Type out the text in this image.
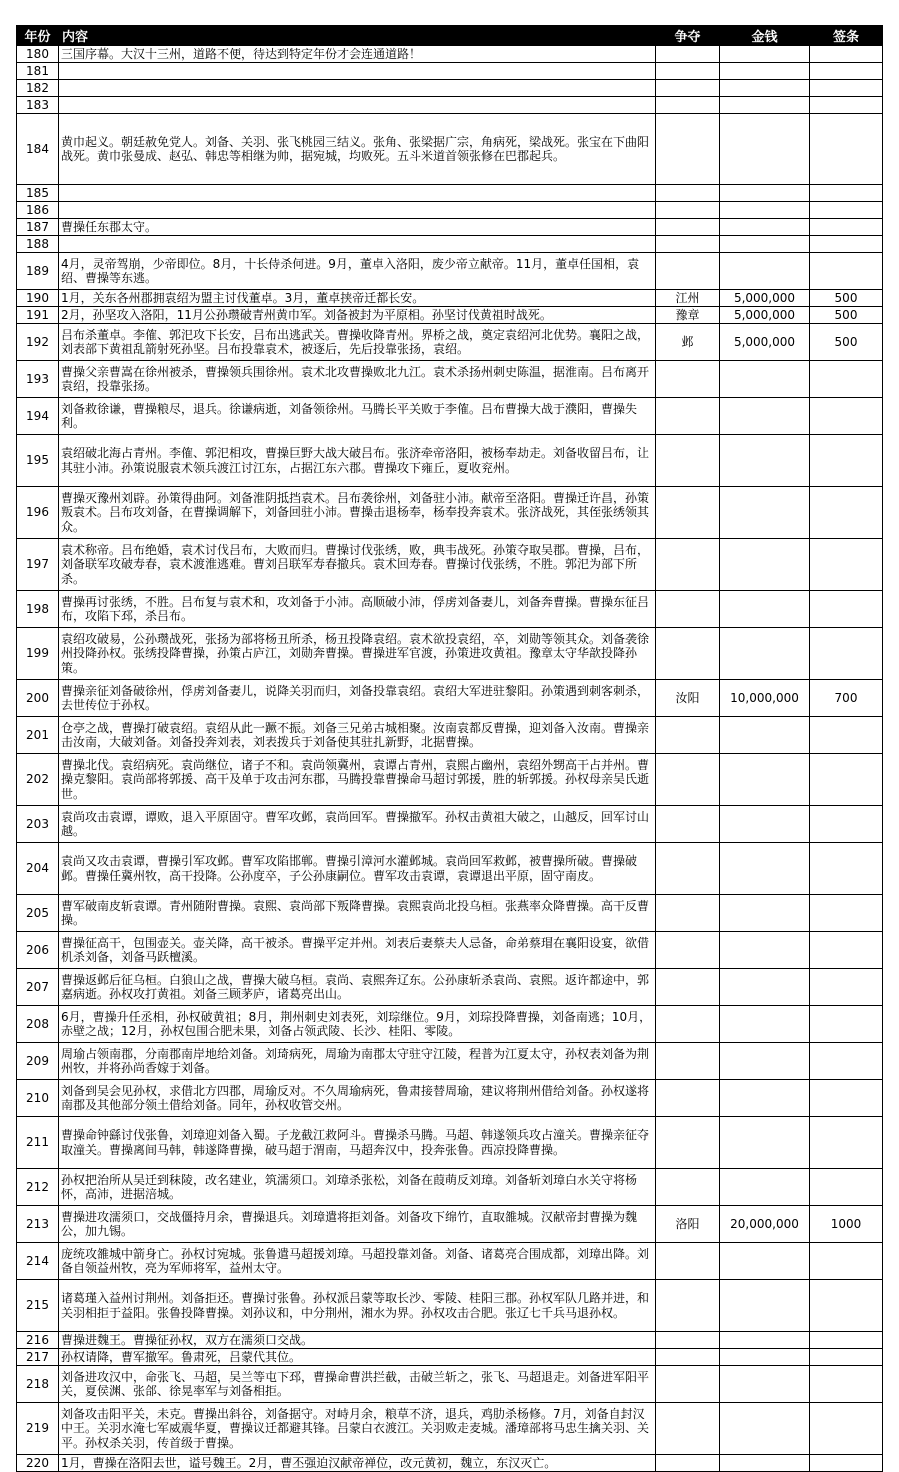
年份	内容	争夺	金钱	签条
180	三国序幕。大汉十三州，道路不便，待达到特定年份才会连通道路！			
181				
182				
183				
184	黄巾起义。朝廷赦免党人。刘备、关羽、张飞桃园三结义。张角、张梁据广宗，角病死，梁战死。张宝在下曲阳战死。黄巾张曼成、赵弘、韩忠等相继为帅，据宛城，均败死。五斗米道首领张修在巴郡起兵。			
185				
186				
187	曹操任东郡太守。			
188				
189	4月，灵帝驾崩，少帝即位。8月，十长侍杀何进。9月，董卓入洛阳，废少帝立献帝。11月，董卓任国相，袁绍、曹操等东逃。			
190	1月，关东各州郡拥袁绍为盟主讨伐董卓。3月，董卓挟帝迁都长安。	江州	5,000,000	500
191	2月，孙坚攻入洛阳，11月公孙瓒破青州黄巾军。刘备被封为平原相。孙坚讨伐黄祖时战死。	豫章	5,000,000	500
192	吕布杀董卓。李傕、郭汜攻下长安，吕布出逃武关。曹操收降青州。界桥之战，奠定袁绍河北优势。襄阳之战，刘表部下黄祖乱箭射死孙坚。吕布投靠袁术，被逐后，先后投靠张扬，袁绍。	邺	5,000,000	500
193	曹操父亲曹嵩在徐州被杀，曹操领兵围徐州。袁术北攻曹操败北九江。袁术杀扬州刺史陈温，据淮南。吕布离开袁绍，投靠张扬。			
194	刘备救徐谦，曹操粮尽，退兵。徐谦病逝，刘备领徐州。马腾长平关败于李傕。吕布曹操大战于濮阳，曹操失利。			
195	袁绍破北海占青州。李傕、郭汜相攻，曹操巨野大战大破吕布。张济牵帝洛阳，被杨奉劫走。刘备收留吕布，让其驻小沛。孙策说服袁术领兵渡江讨江东，占据江东六郡。曹操攻下雍丘，夏收兖州。			
196	曹操灭豫州刘辟。孙策得曲阿。刘备淮阴抵挡袁术。吕布袭徐州，刘备驻小沛。献帝至洛阳。曹操迁许昌，孙策叛袁术。吕布攻刘备，在曹操调解下，刘备回驻小沛。曹操击退杨奉，杨奉投奔袁术。张济战死，其侄张绣领其众。			
197	袁术称帝。吕布绝婚，袁术讨伐吕布，大败而归。曹操讨伐张绣，败，典韦战死。孙策夺取吴郡。曹操，吕布，刘备联军攻破寿春，袁术渡淮逃难。曹刘吕联军寿春撤兵。袁术回寿春。曹操讨伐张绣，不胜。郭汜为部下所杀。			
198	曹操再讨张绣，不胜。吕布复与袁术和，攻刘备于小沛。高顺破小沛，俘虏刘备妻儿，刘备奔曹操。曹操东征吕布，攻陷下邳，杀吕布。			
199	袁绍攻破易，公孙瓒战死，张扬为部将杨丑所杀，杨丑投降袁绍。袁术欲投袁绍，卒，刘勋等领其众。刘备袭徐州投降孙权。张绣投降曹操，孙策占庐江，刘勋奔曹操。曹操进军官渡，孙策进攻黄祖。豫章太守华歆投降孙策。			
200	曹操亲征刘备破徐州，俘虏刘备妻儿，说降关羽而归，刘备投靠袁绍。袁绍大军进驻黎阳。孙策遇到刺客刺杀，去世传位于孙权。	汝阳	10,000,000	700
201	仓亭之战，曹操打破袁绍。袁绍从此一蹶不振。刘备三兄弟古城相聚。汝南袁都反曹操，迎刘备入汝南。曹操亲击汝南，大破刘备。刘备投奔刘表，刘表拨兵于刘备使其驻扎新野，北据曹操。			
202	曹操北伐。袁绍病死。袁尚继位，诸子不和。袁尚领冀州，袁谭占青州，袁熙占幽州，袁绍外甥高干占并州。曹操克黎阳。袁尚部将郭援、高干及单于攻击河东郡，马腾投靠曹操命马超讨郭援，胜的斩郭援。孙权母亲吴氏逝世。			
203	袁尚攻击袁谭，谭败，退入平原固守。曹军攻邺，袁尚回军。曹操撤军。孙权击黄祖大破之，山越反，回军讨山越。			
204	袁尚又攻击袁谭，曹操引军攻邺。曹军攻陷邯郸。曹操引漳河水灌邺城。袁尚回军救邺，被曹操所破。曹操破邺。曹操任冀州牧，高干投降。公孙度卒，子公孙康嗣位。曹军攻击袁谭，袁谭退出平原，固守南皮。			
205	曹军破南皮斩袁谭。青州随附曹操。袁熙、袁尚部下叛降曹操。袁熙袁尚北投乌桓。张燕率众降曹操。高干反曹操。			
206	曹操征高干，包围壶关。壶关降，高干被杀。曹操平定并州。刘表后妻蔡夫人忌备，命弟蔡瑁在襄阳设宴，欲借机杀刘备，刘备马跃檀溪。			
207	曹操返邺后征乌桓。白狼山之战，曹操大破乌桓。袁尚、袁熙奔辽东。公孙康斩杀袁尚、袁熙。返许都途中，郭嘉病逝。孙权攻打黄祖。刘备三顾茅庐，诸葛亮出山。			
208	6月，曹操升任丞相，孙权破黄祖；8月，荆州刺史刘表死，刘琮继位。9月，刘琮投降曹操，刘备南逃；10月，赤壁之战；12月，孙权包围合肥未果，刘备占领武陵、长沙、桂阳、零陵。			
209	周瑜占领南郡，分南郡南岸地给刘备。刘琦病死，周瑜为南郡太守驻守江陵，程普为江夏太守，孙权表刘备为荆州牧，并将孙尚香嫁于刘备。			
210	刘备到吴会见孙权，求借北方四郡，周瑜反对。不久周瑜病死，鲁肃接替周瑜，建议将荆州借给刘备。孙权遂将南郡及其他部分领土借给刘备。同年，孙权收管交州。			
211	曹操命钟繇讨伐张鲁，刘璋迎刘备入蜀。子龙截江救阿斗。曹操杀马腾。马超、韩遂领兵攻占潼关。曹操亲征夺取潼关。曹操离间马韩，韩遂降曹操，破马超于渭南，马超奔汉中，投奔张鲁。西凉投降曹操。			
212	孙权把治所从吴迁到秣陵，改名建业，筑濡须口。刘璋杀张松，刘备在葭萌反刘璋。刘备斩刘璋白水关守将杨怀，高沛，进据涪城。			
213	曹操进攻濡须口，交战僵持月余，曹操退兵。刘璋遣将拒刘备。刘备攻下绵竹，直取雒城。汉献帝封曹操为魏公，加九锡。	洛阳	20,000,000	1000
214	庞统攻雒城中箭身亡。孙权讨宛城。张鲁遣马超援刘璋。马超投靠刘备。刘备、诸葛亮合围成都，刘璋出降。刘备自领益州牧，亮为军师将军，益州太守。			
215	诸葛瑾入益州讨荆州。刘备拒还。曹操讨张鲁。孙权派吕蒙等取长沙、零陵、桂阳三郡。孙权军队几路并进，和关羽相拒于益阳。张鲁投降曹操。刘孙议和，中分荆州，湘水为界。孙权攻击合肥。张辽七千兵马退孙权。			
216	曹操进魏王。曹操征孙权，双方在濡须口交战。			
217	孙权请降，曹军撤军。鲁肃死，吕蒙代其位。			
218	刘备进攻汉中，命张飞、马超，吴兰等屯下邳，曹操命曹洪拦截，击破兰斩之，张飞、马超退走。刘备进军阳平关，夏侯渊、张郃、徐晃率军与刘备相拒。			
219	刘备攻击阳平关，未克。曹操出斜谷，刘备据守。对峙月余，粮草不济，退兵，鸡肋杀杨修。7月，刘备自封汉中王。关羽水淹七军威震华夏，曹操议迁都避其锋。吕蒙白衣渡江。关羽败走麦城。潘璋部将马忠生擒关羽、关平。孙权杀关羽，传首级于曹操。			
220	1月，曹操在洛阳去世，谥号魏王。2月，曹丕强迫汉献帝禅位，改元黄初，魏立，东汉灭亡。			
